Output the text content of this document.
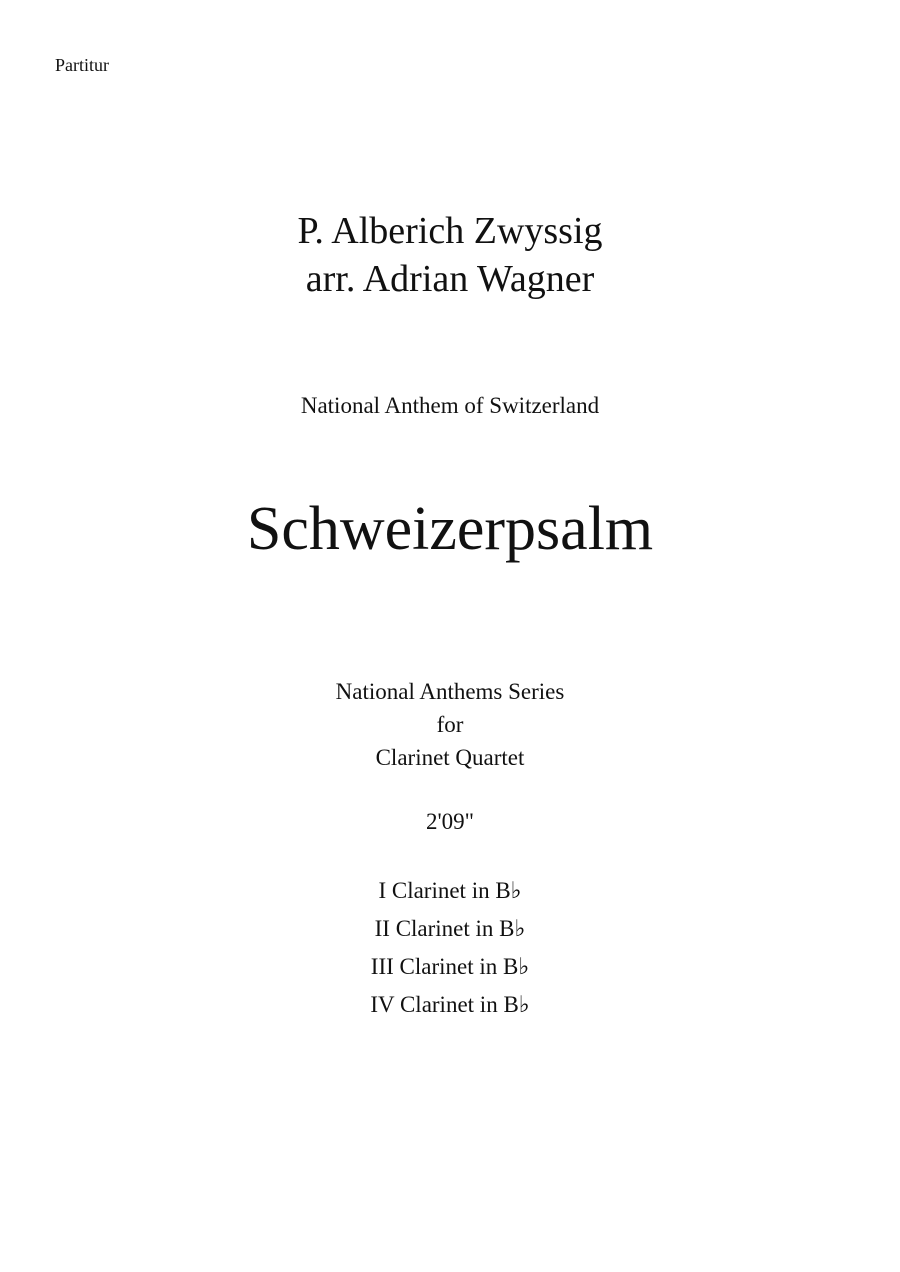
Partitur
P. Alberich Zwyssig
arr. Adrian Wagner
National Anthem of Switzerland
Schweizerpsalm
National Anthems Series
for
Clarinet Quartet
2'09"
I Clarinet in B♭
II Clarinet in B♭
III Clarinet in B♭
IV Clarinet in B♭
